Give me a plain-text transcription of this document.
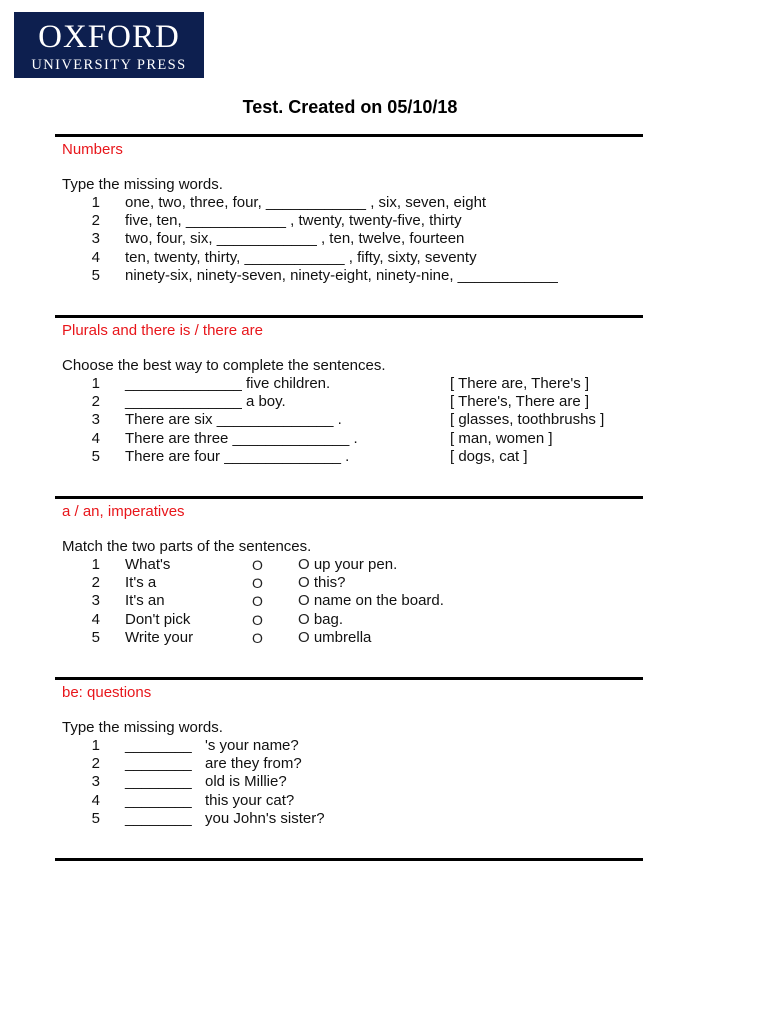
OXFORD
UNIVERSITY PRESS
Test. Created on 05/10/18
Numbers
Type the missing words.
1 one, two, three, four, ____________ , six, seven, eight
2 five, ten, ____________ , twenty, twenty-five, thirty
3 two, four, six, ____________ , ten, twelve, fourteen
4 ten, twenty, thirty, ____________ , fifty, sixty, seventy
5 ninety-six, ninety-seven, ninety-eight, ninety-nine, ____________
Plurals and there is / there are
Choose the best way to complete the sentences.
1 ______________ five children.	[ There are, There's ]
2 ______________ a boy.	[ There's, There are ]
3 There are six ______________ .	[ glasses, toothbrushs ]
4 There are three ______________ .	[ man, women ]
5 There are four ______________ .	[ dogs, cat ]
a / an, imperatives
Match the two parts of the sentences.
1 What's	O O up your pen.
2 It's a	O O this?
3 It's an	O O name on the board.
4 Don't pick	O O bag.
5 Write your	O O umbrella
be: questions
Type the missing words.
1 ________ 's your name?
2 ________ are they from?
3 ________ old is Millie?
4 ________ this your cat?
5 ________ you John's sister?
